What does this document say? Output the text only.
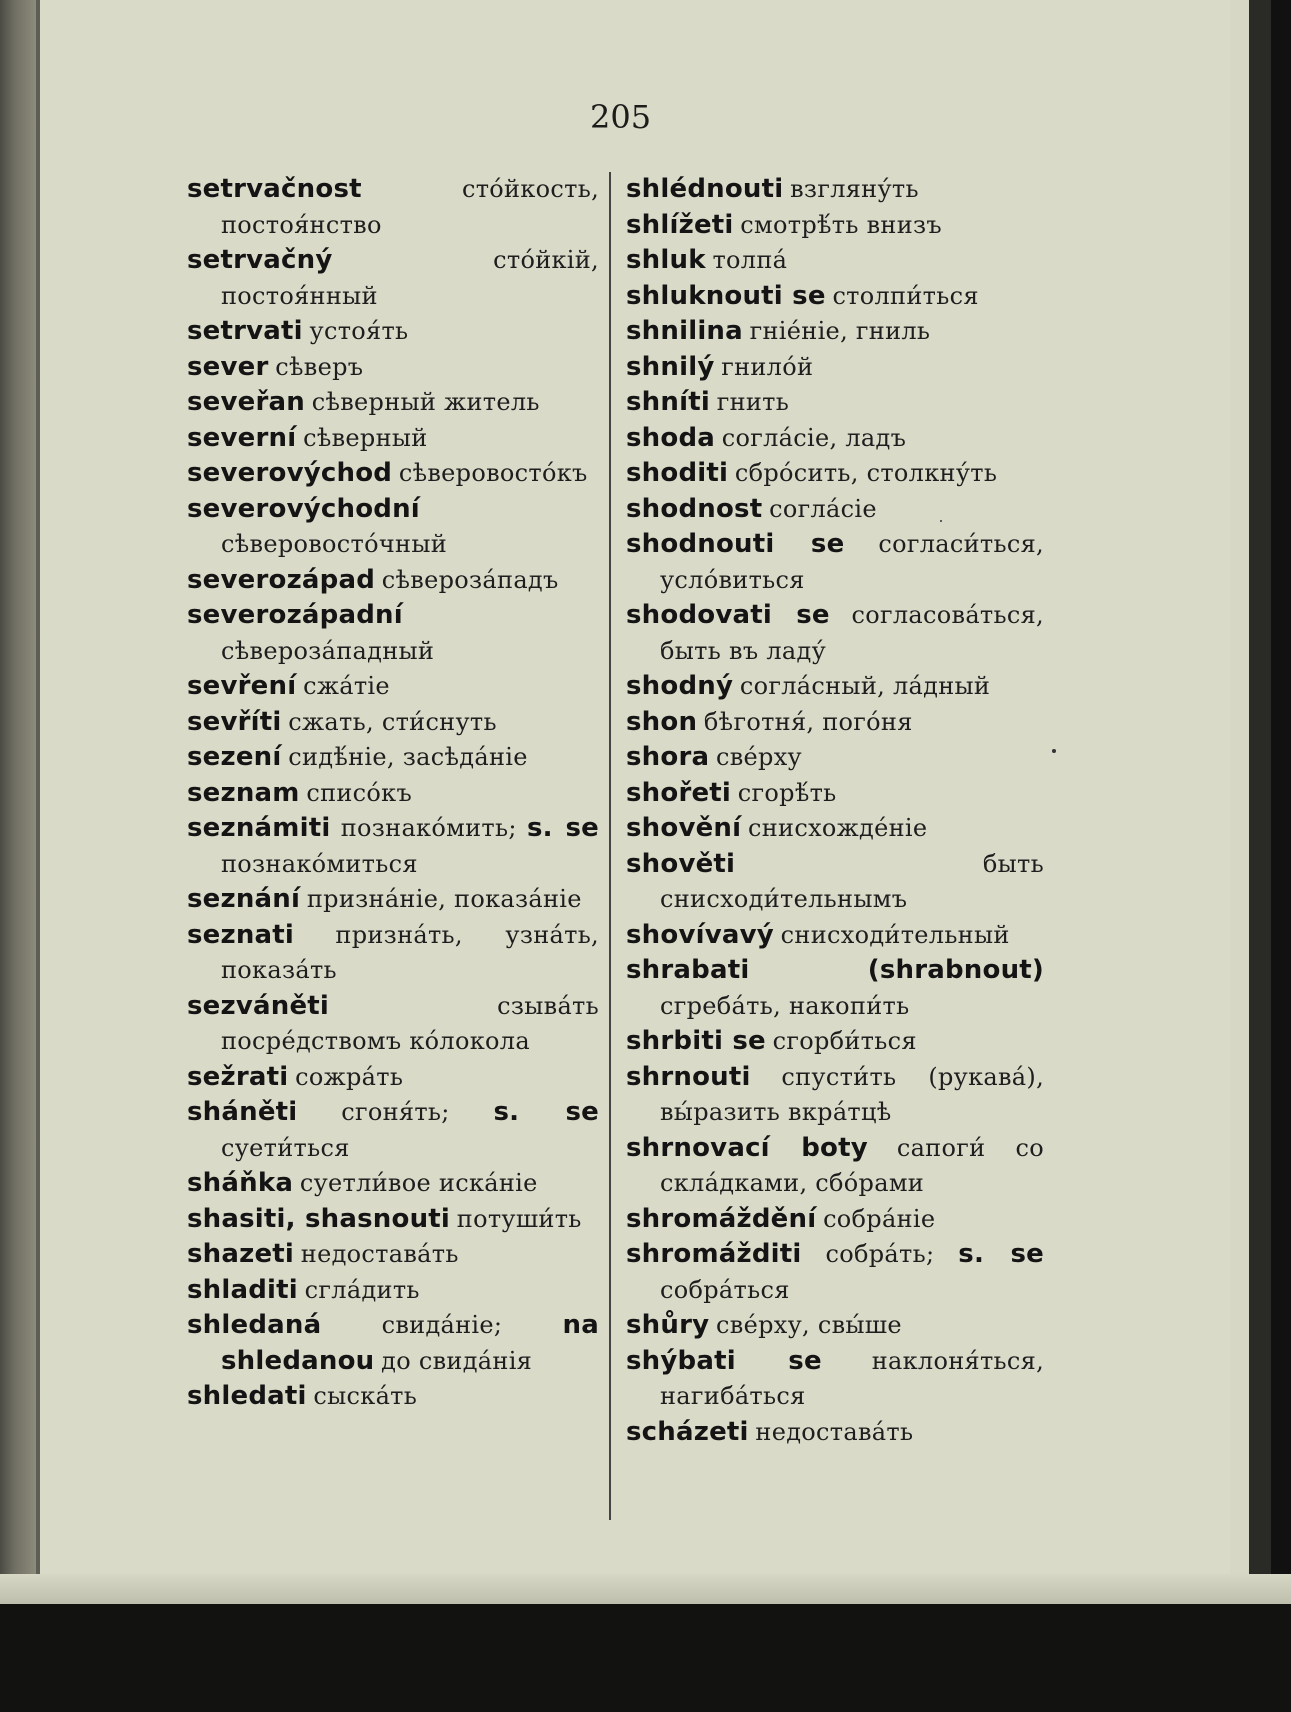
205

setrvačnost	стóйкость, постоя́нство

setrvačný	стóйкій, постоя́нный

setrvati устоя́ть

sever сѣверъ

seveřan сѣверный житель

severní сѣверный

severovýchod сѣверовостóкъ

severovýchodní сѣверовостóчный

severozápad сѣвероза́падъ

severozápadní сѣвероза́падный

sevření сжа́тіе

sevříti сжать, сти́снуть

sezení сидѣ́ніе, засѣда́ніе

seznam списóкъ

seznámiti познакóмить; s. se познакóмиться

seznání призна́ніе, показа́ніе

seznati призна́ть, узна́ть, показа́ть

sezváněti	сзыва́ть посрéдствомъ кóлокола

sežrati сожра́ть

sháněti сгоня́ть; s. se суети́ться

sháňka суетли́вое иска́ніе

shasiti, shasnouti потуши́ть

shazeti недостава́ть

shladiti сгла́дить

shledaná	свида́ніе; na shledanou до свида́нія

shledati сыска́ть

shlédnouti взгляну́ть

shlížeti смотрѣ́ть внизъ

shluk толпа́

shluknouti se столпи́ться

shnilina гніе́ніе, гниль

shnilý гнилóй

shníti гнить

shoda согла́сіе, ладъ

shoditi сбрóсить, столкну́ть

shodnost согла́сіе

shodnouti se согласи́ться, услóвиться

shodovati se согласова́ться, быть въ ладу́

shodný согла́сный, ла́дный

shon бѣготня́, погóня

shora свéрху

shořeti сгорѣ́ть

shovění снисхождéніе

shověti	быть снисходи́тельнымъ

shovívavý снисходи́тельный

shrabati (shrabnout) сгреба́ть, накопи́ть

shrbiti se сгорби́ться

shrnouti спусти́ть (рукава́), вы́разить вкра́тцѣ

shrnovací boty сапоги́ со скла́дками, сбóрами

shromáždění собра́ніе

shromážditi собра́ть; s. se собра́ться

shůry свéрху, свы́ше

shýbati se наклоня́ться, нагиба́ться

scházeti недостава́ть
